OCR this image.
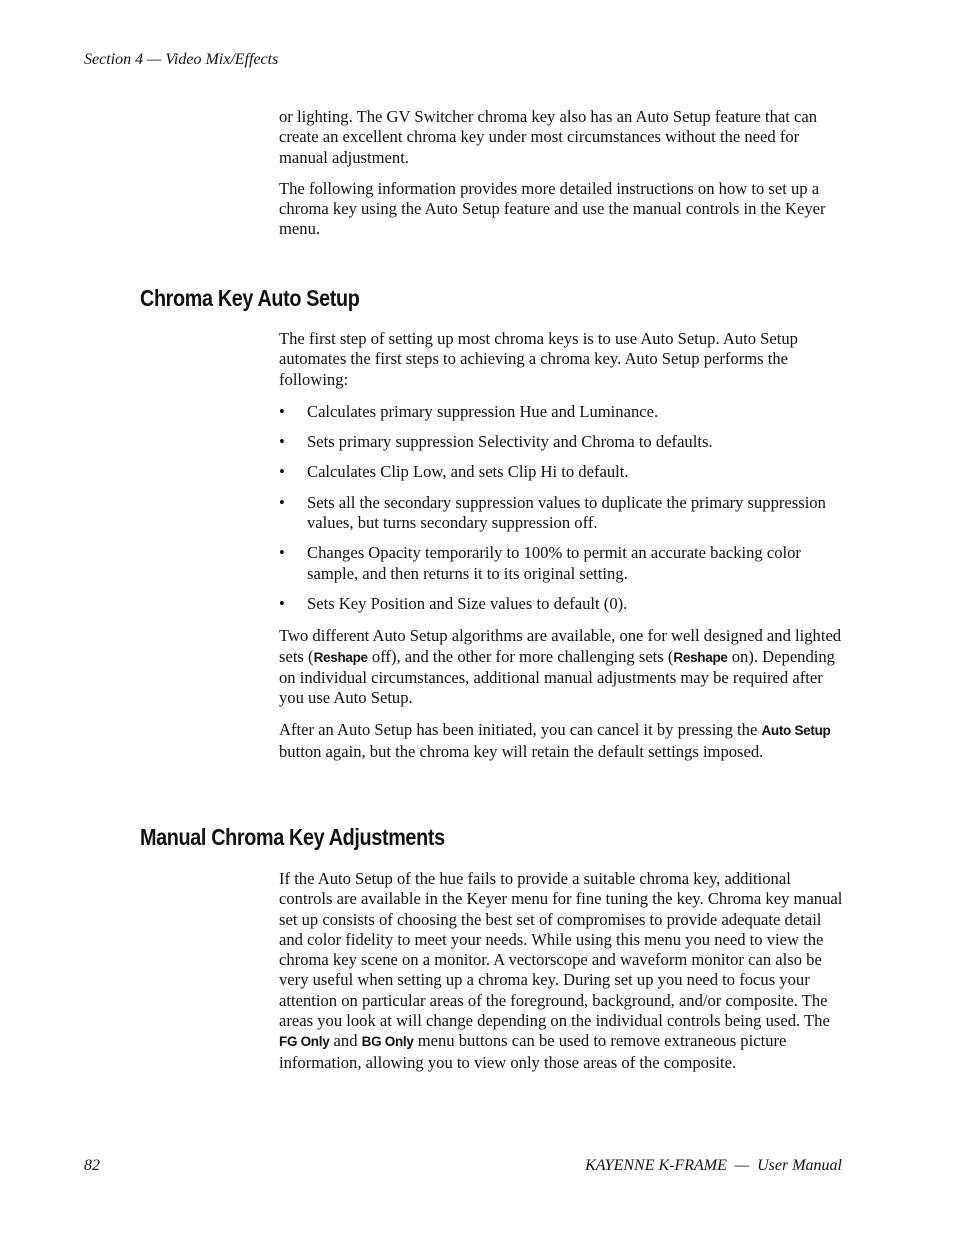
Section 4 — Video Mix/Effects

or lighting. The GV Switcher chroma key also has an Auto Setup feature that can create an excellent chroma key under most circumstances without the need for manual adjustment.

The following information provides more detailed instructions on how to set up a chroma key using the Auto Setup feature and use the manual controls in the Keyer menu.

Chroma Key Auto Setup

The first step of setting up most chroma keys is to use Auto Setup. Auto Setup automates the first steps to achieving a chroma key. Auto Setup performs the following:

• Calculates primary suppression Hue and Luminance.
• Sets primary suppression Selectivity and Chroma to defaults.
• Calculates Clip Low, and sets Clip Hi to default.
• Sets all the secondary suppression values to duplicate the primary suppression values, but turns secondary suppression off.
• Changes Opacity temporarily to 100% to permit an accurate backing color sample, and then returns it to its original setting.
• Sets Key Position and Size values to default (0).

Two different Auto Setup algorithms are available, one for well designed and lighted sets (Reshape off), and the other for more challenging sets (Reshape on). Depending on individual circumstances, additional manual adjustments may be required after you use Auto Setup.

After an Auto Setup has been initiated, you can cancel it by pressing the Auto Setup button again, but the chroma key will retain the default settings imposed.

Manual Chroma Key Adjustments

If the Auto Setup of the hue fails to provide a suitable chroma key, additional controls are available in the Keyer menu for fine tuning the key. Chroma key manual set up consists of choosing the best set of compromises to provide adequate detail and color fidelity to meet your needs. While using this menu you need to view the chroma key scene on a monitor. A vectorscope and waveform monitor can also be very useful when setting up a chroma key. During set up you need to focus your attention on particular areas of the foreground, background, and/or composite. The areas you look at will change depending on the individual controls being used. The FG Only and BG Only menu buttons can be used to remove extraneous picture information, allowing you to view only those areas of the composite.

82	KAYENNE K-FRAME  —  User Manual
